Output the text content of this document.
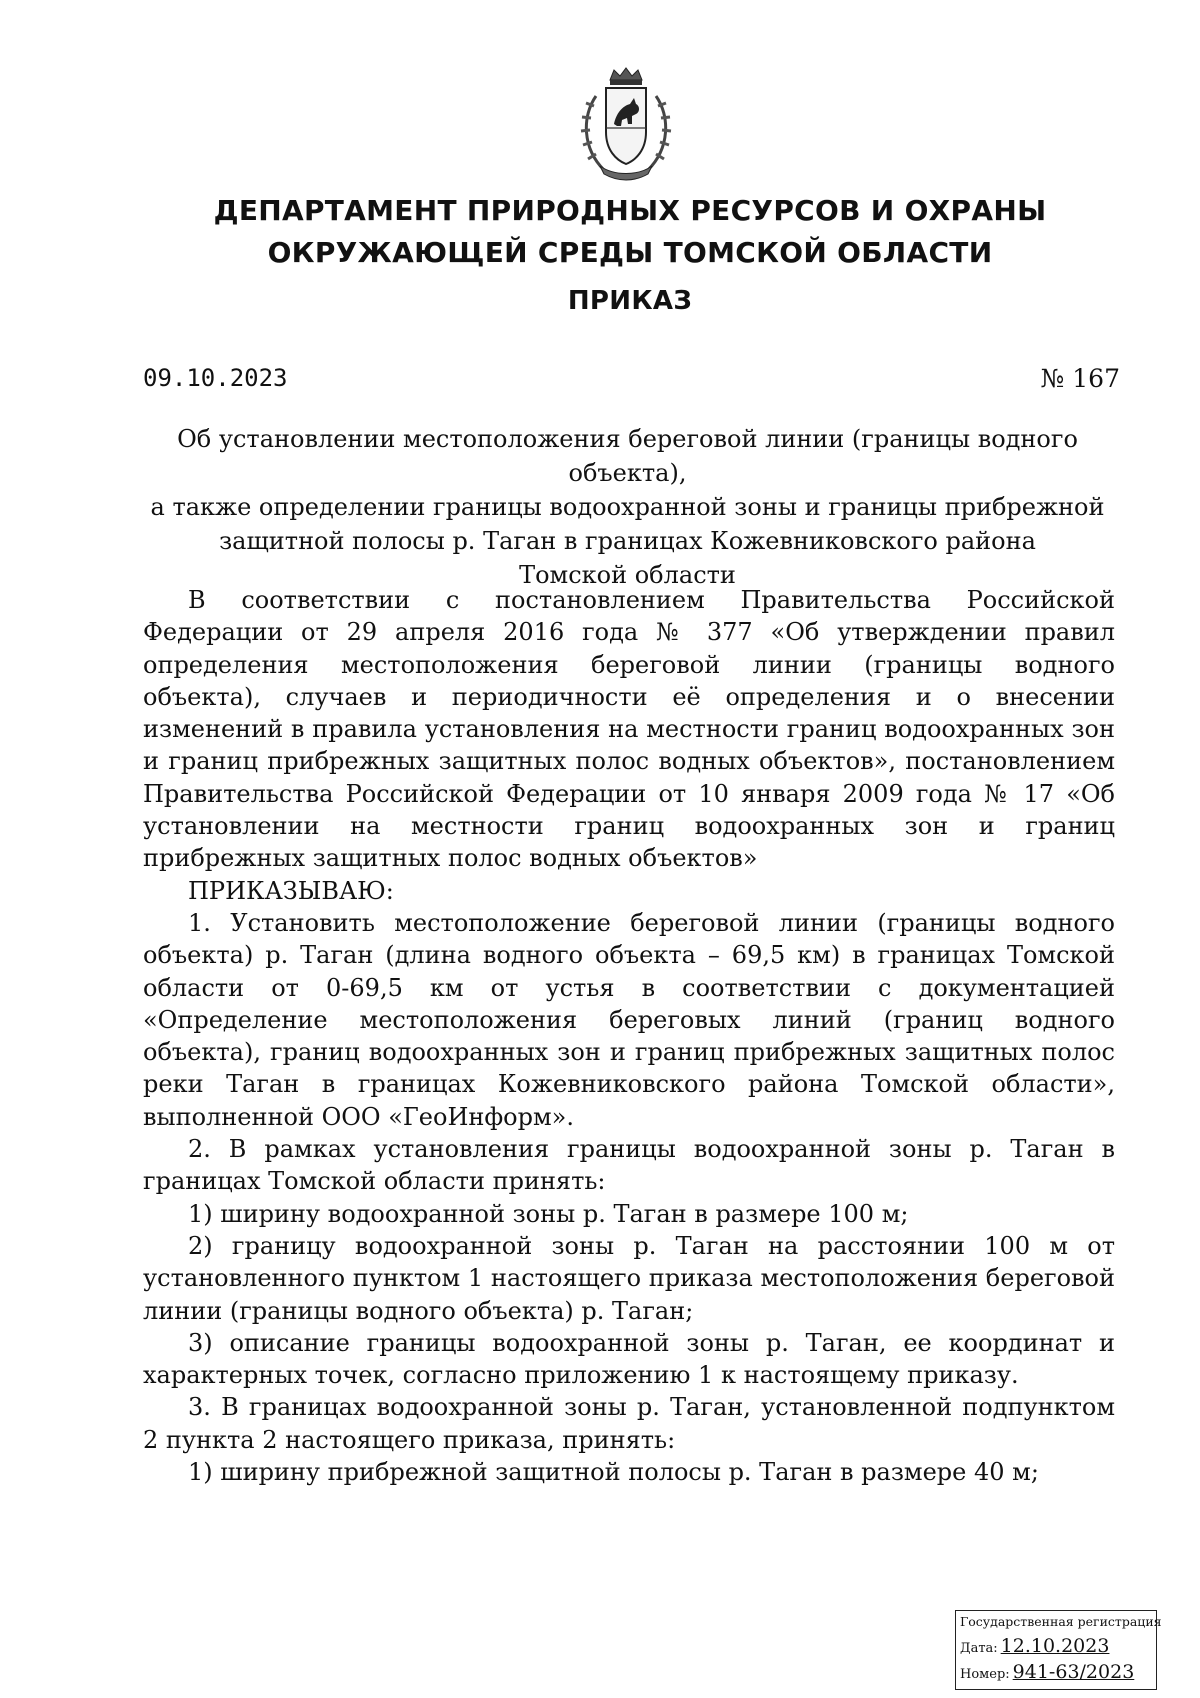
ДЕПАРТАМЕНТ ПРИРОДНЫХ РЕСУРСОВ И ОХРАНЫ
ОКРУЖАЮЩЕЙ СРЕДЫ ТОМСКОЙ ОБЛАСТИ
ПРИКАЗ
09.10.2023	№ 167
Об установлении местоположения береговой линии (границы водного объекта),
а также определении границы водоохранной зоны и границы прибрежной
защитной полосы р. Таган в границах Кожевниковского района
Томской области

В соответствии с постановлением Правительства Российской Федерации от 29 апреля 2016 года № 377 «Об утверждении правил определения местоположения береговой линии (границы водного объекта), случаев и периодичности её определения и о внесении изменений в правила установления на местности границ водоохранных зон и границ прибрежных защитных полос водных объектов», постановлением Правительства Российской Федерации от 10 января 2009 года № 17 «Об установлении на местности границ водоохранных зон и границ прибрежных защитных полос водных объектов»

ПРИКАЗЫВАЮ:

1. Установить местоположение береговой линии (границы водного объекта) р. Таган (длина водного объекта – 69,5 км) в границах Томской области от 0-69,5 км от устья в соответствии с документацией «Определение местоположения береговых линий (границ водного объекта), границ водоохранных зон и границ прибрежных защитных полос реки Таган в границах Кожевниковского района Томской области», выполненной ООО «ГеоИнформ».

2. В рамках установления границы водоохранной зоны р. Таган в границах Томской области принять:

1) ширину водоохранной зоны р. Таган в размере 100 м;

2) границу водоохранной зоны р. Таган на расстоянии 100 м от установленного пунктом 1 настоящего приказа местоположения береговой линии (границы водного объекта) р. Таган;

3) описание границы водоохранной зоны р. Таган, ее координат и характерных точек, согласно приложению 1 к настоящему приказу.

3. В границах водоохранной зоны р. Таган, установленной подпунктом 2 пункта 2 настоящего приказа, принять:

1) ширину прибрежной защитной полосы р. Таган в размере 40 м;

Государственная регистрация
Дата: 12.10.2023
Номер: 941-63/2023
